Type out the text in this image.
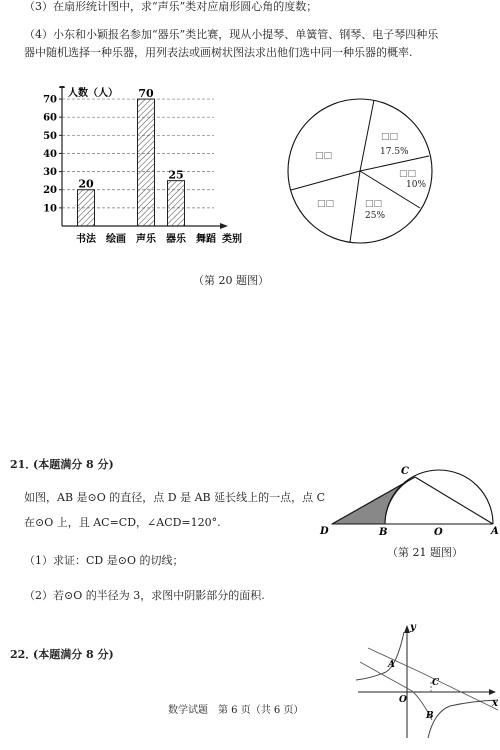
（3）在扇形统计图中，求“声乐”类对应扇形圆心角的度数；
（4）小东和小颖报名参加“器乐”类比赛，现从小提琴、单簧管、钢琴、电子琴四种乐
器中随机选择一种乐器，用列表法或画树状图法求出他们选中同一种乐器的概率.
10
20
30
40
50
60
70
人数（人）
类别
书法
20
绘画 声乐
70
器乐
25
舞蹈
□□
□□
17.5%
□□
10%
□□	□□
25%
（第 20 题图）
21．
(本题满分 8 分)
如图，AB 是⊙O 的直径，点 D 是 AB 延长线上的一点，点 C
在⊙O 上，且 AC=CD，∠ACD=120°.
（1）求证：CD 是⊙O 的切线；
（2）若⊙O 的半径为 3，求图中阴影部分的面积.
C
D	B	O	A
（第 21 题图）
22．
(本题满分 8 分)
y
x
A
C
O
B
数学试题　第 6 页（共 6 页）
